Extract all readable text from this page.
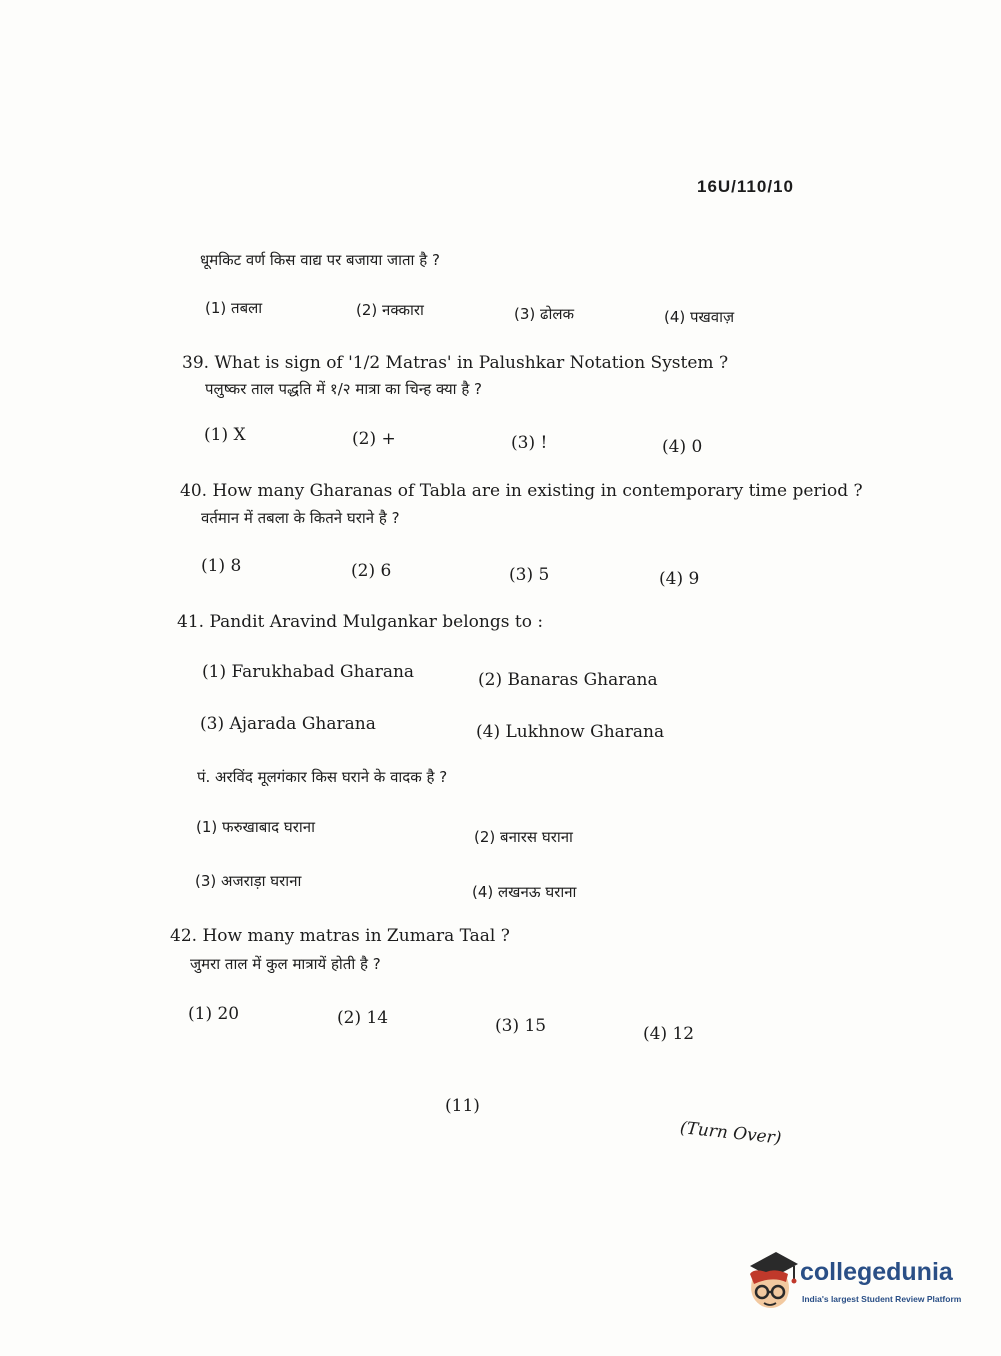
16U/110/10
धूमकिट वर्ण किस वाद्य पर बजाया जाता है ?
(1) तबला	(2) नक्कारा	(3) ढोलक	(4) पखवाज़
39. What is sign of '1/2 Matras' in Palushkar Notation System ?
पलुष्कर ताल पद्धति में १/२ मात्रा का चिन्ह क्या है ?
(1) X	(2) +	(3) !	(4) 0
40. How many Gharanas of Tabla are in existing in contemporary time period ?
वर्तमान में तबला के कितने घराने है ?
(1) 8	(2) 6	(3) 5	(4) 9
41. Pandit Aravind Mulgankar belongs to :
(1) Farukhabad Gharana	(2) Banaras Gharana
(3) Ajarada Gharana	(4) Lukhnow Gharana
पं. अरविंद मूलगंकार किस घराने के वादक है ?
(1) फरुखाबाद घराना
(2) बनारस घराना
(3) अजराड़ा घराना
(4) लखनऊ घराना
42. How many matras in Zumara Taal ?
जुमरा ताल में कुल मात्रायें होती है ?
(1) 20	(2) 14	(3) 15	(4) 12
(11)
(Turn Over)
collegedunia
India's largest Student Review Platform
